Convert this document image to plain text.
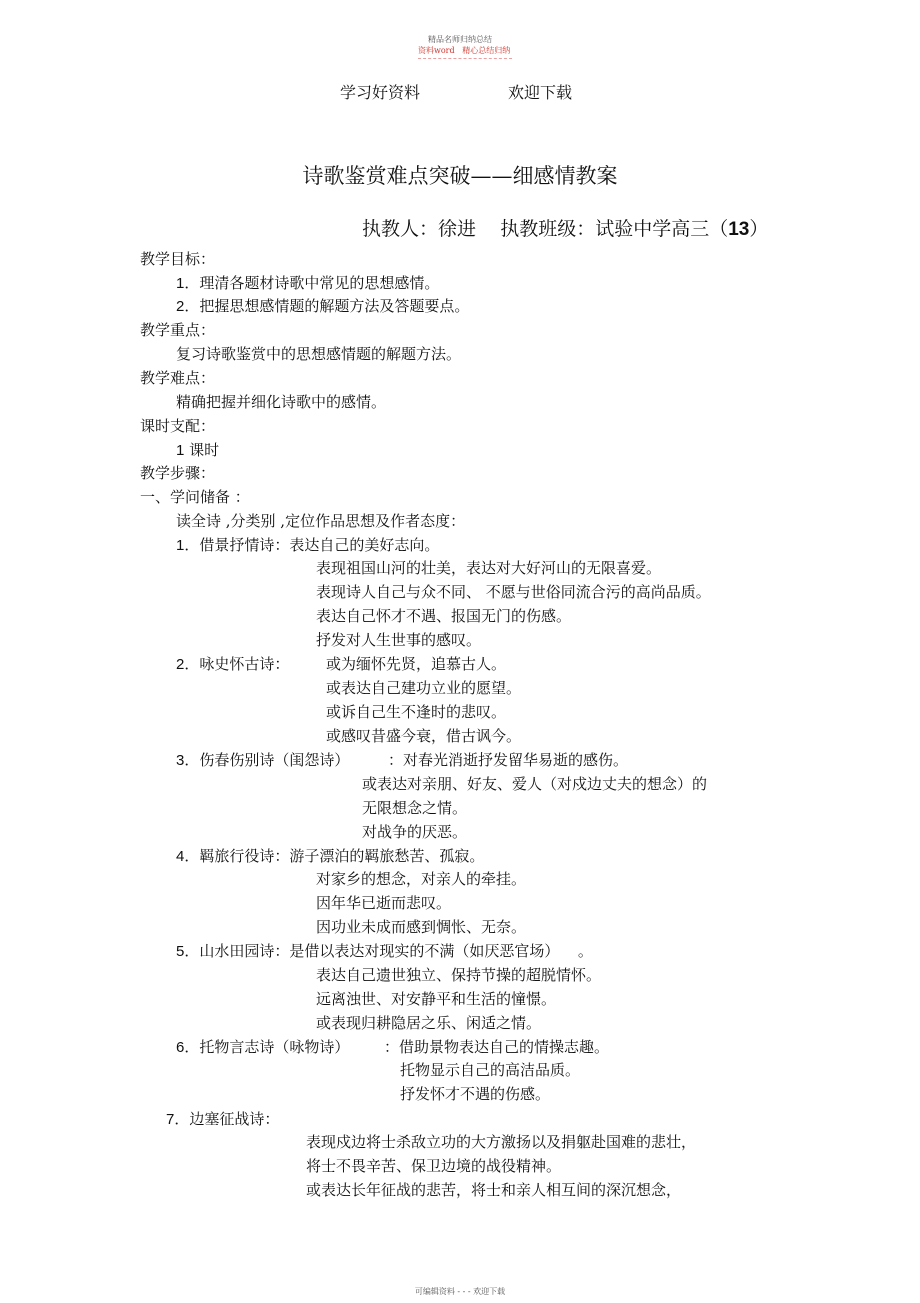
精品名师归纳总结
资料word 精心总结归纳
学习好资料	欢迎下载
诗歌鉴赏难点突破——细感情教案
执教人：徐进 执教班级：试验中学高三（13）
教学目标：
1．理清各题材诗歌中常见的思想感情。
2．把握思想感情题的解题方法及答题要点。
教学重点：
复习诗歌鉴赏中的思想感情题的解题方法。
教学难点：
精确把握并细化诗歌中的感情。
课时支配：
1 课时
教学步骤：
一、学问储备 ：
读全诗 ,分类别 ,定位作品思想及作者态度：
1．借景抒情诗：表达自己的美好志向。
表现祖国山河的壮美，表达对大好河山的无限喜爱。
表现诗人自己与众不同、 不愿与世俗同流合污的高尚品质。
表达自己怀才不遇、报国无门的伤感。
抒发对人生世事的感叹。
2．咏史怀古诗： 或为缅怀先贤，追慕古人。
或表达自己建功立业的愿望。
或诉自己生不逢时的悲叹。
或感叹昔盛今衰，借古讽今。
3．伤春伤别诗（闺怨诗）	：对春光消逝抒发留华易逝的感伤。
或表达对亲朋、好友、爱人（对戍边丈夫的想念）的
无限想念之情。
对战争的厌恶。
4．羁旅行役诗：游子漂泊的羁旅愁苦、孤寂。
对家乡的想念，对亲人的牵挂。
因年华已逝而悲叹。
因功业未成而感到惆怅、无奈。
5．山水田园诗：是借以表达对现实的不满（如厌恶官场） 。
表达自己遗世独立、保持节操的超脱情怀。
远离浊世、对安静平和生活的憧憬。
或表现归耕隐居之乐、闲适之情。
6．托物言志诗（咏物诗） ：借助景物表达自己的情操志趣。
托物显示自己的高洁品质。
抒发怀才不遇的伤感。
7．边塞征战诗：
表现戍边将士杀敌立功的大方激扬以及捐躯赴国难的悲壮，
将士不畏辛苦、保卫边境的战役精神。
或表达长年征战的悲苦，将士和亲人相互间的深沉想念，
可编辑资料 - - - 欢迎下载
